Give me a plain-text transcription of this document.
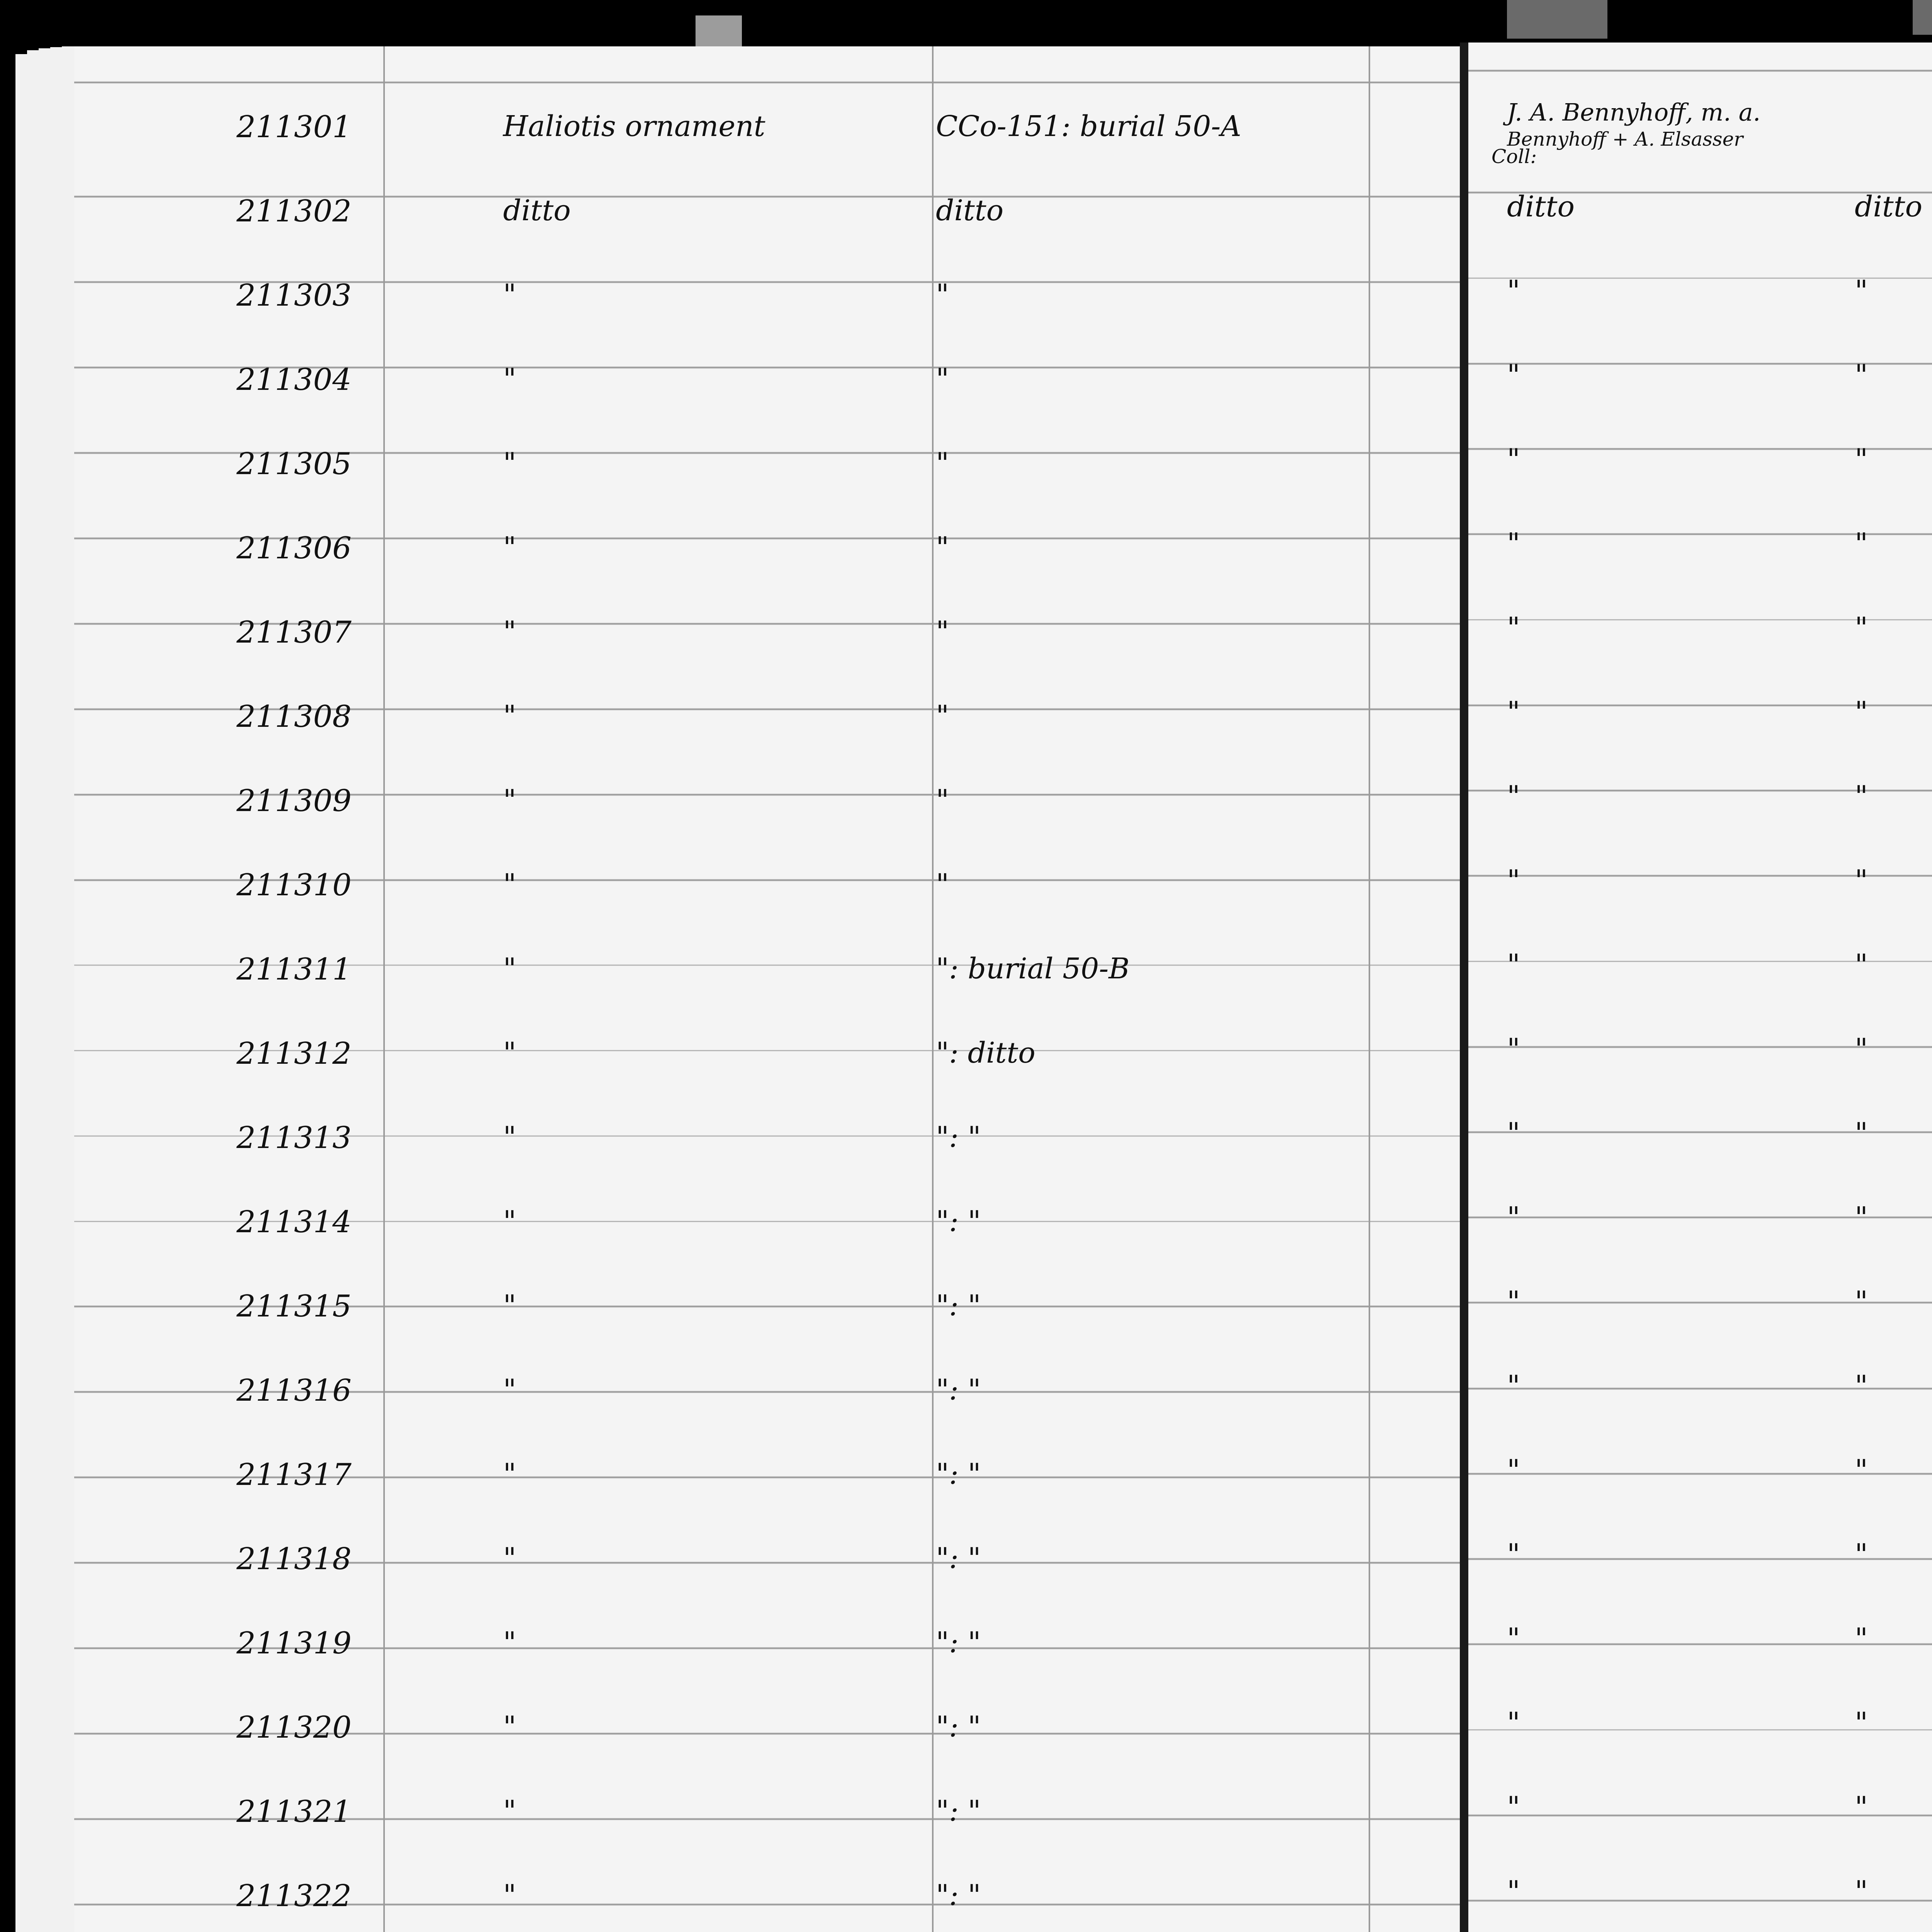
211301	Haliotis ornament	CCo-151: burial 50-A
211302	ditto	ditto
211303	"	"
211304	"	"
211305	"	"
211306	"	"
211307	"	"
211308	"	"
211309	"	"
211310	"	"
211311	"	": burial 50-B
211312	"	": ditto
211313	"	": "
211314	"	": "
211315	"	": "
211316	"	": "
211317	"	": "
211318	"	": "
211319	"	": "
211320	"	": "
211321	"	": "
211322	"	": "
Coll:
J. A. Bennyhoff, m. a.
Bennyhoff + A. Elsasser
ditto	ditto
"	"
"	"
"	"
"	"
"	"
"	"
"	"
"	"
"	"
"	"
"	"
"	"
"	"
"	"
"	"
"	"
"	"
"	"
"	"
"	"
